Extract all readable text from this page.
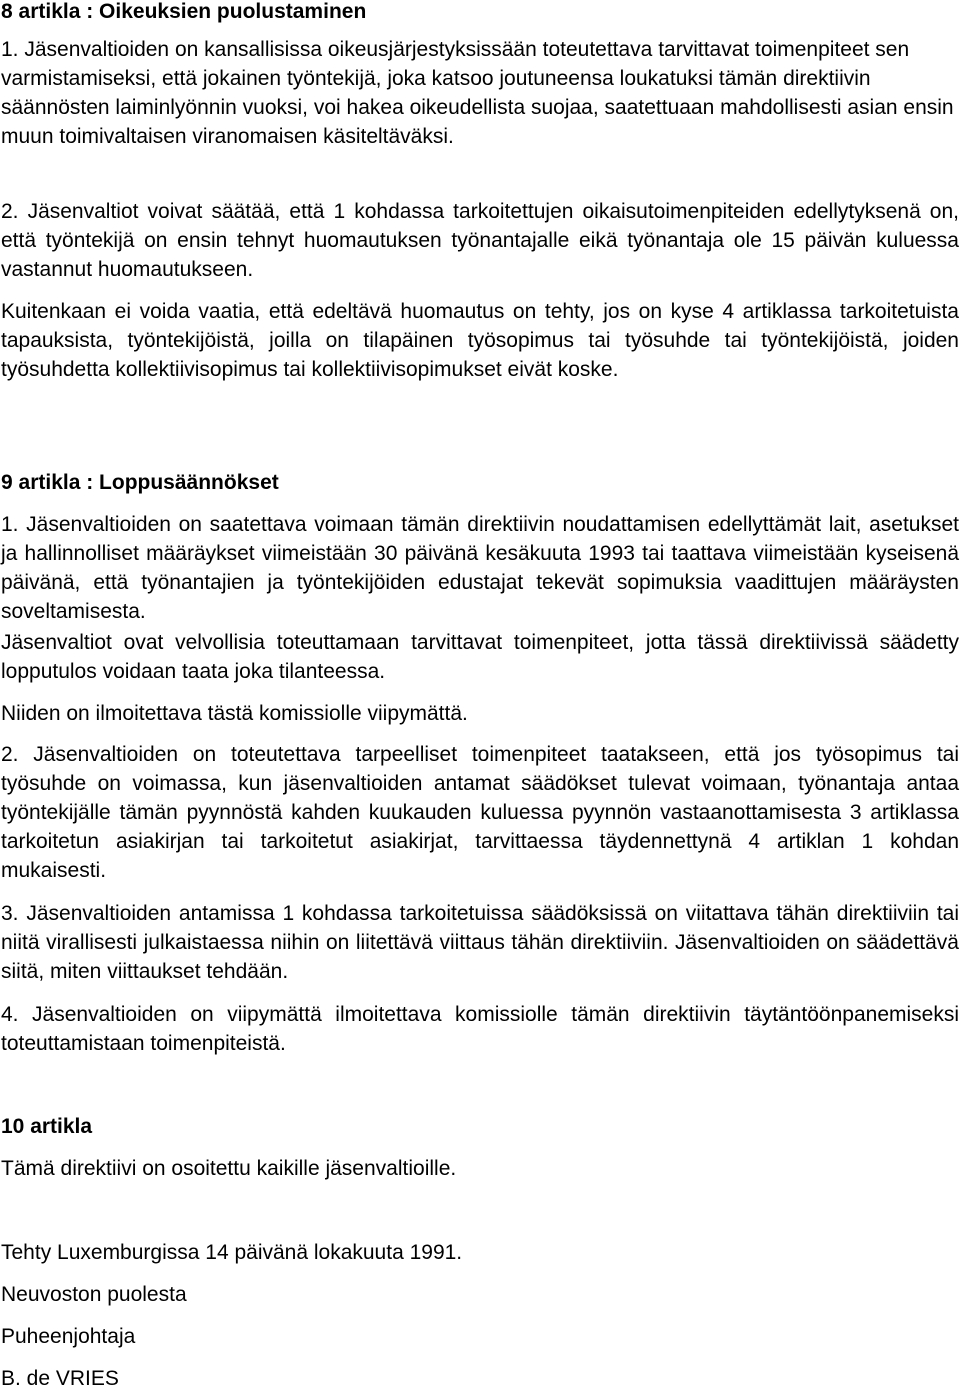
8 artikla : Oikeuksien puolustaminen

1. Jäsenvaltioiden on kansallisissa oikeusjärjestyksissään toteutettava tarvittavat toimenpiteet sen varmistamiseksi, että jokainen työntekijä, joka katsoo joutuneensa loukatuksi tämän direktiivin säännösten laiminlyönnin vuoksi, voi hakea oikeudellista suojaa, saatettuaan mahdollisesti asian ensin muun toimivaltaisen viranomaisen käsiteltäväksi.

2. Jäsenvaltiot voivat säätää, että 1 kohdassa tarkoitettujen oikaisutoimenpiteiden edellytyksenä on, että työntekijä on ensin tehnyt huomautuksen työnantajalle eikä työnantaja ole 15 päivän kuluessa vastannut huomautukseen.

Kuitenkaan ei voida vaatia, että edeltävä huomautus on tehty, jos on kyse 4 artiklassa tarkoitetuista tapauksista, työntekijöistä, joilla on tilapäinen työsopimus tai työsuhde tai työntekijöistä, joiden työsuhdetta kollektiivisopimus tai kollektiivisopimukset eivät koske.

9 artikla : Loppusäännökset

1. Jäsenvaltioiden on saatettava voimaan tämän direktiivin noudattamisen edellyttämät lait, asetukset ja hallinnolliset määräykset viimeistään 30 päivänä kesäkuuta 1993 tai taattava viimeistään kyseisenä päivänä, että työnantajien ja työntekijöiden edustajat tekevät sopimuksia vaadittujen määräysten soveltamisesta.

Jäsenvaltiot ovat velvollisia toteuttamaan tarvittavat toimenpiteet, jotta tässä direktiivissä säädetty lopputulos voidaan taata joka tilanteessa.

Niiden on ilmoitettava tästä komissiolle viipymättä.

2. Jäsenvaltioiden on toteutettava tarpeelliset toimenpiteet taatakseen, että jos työsopimus tai työsuhde on voimassa, kun jäsenvaltioiden antamat säädökset tulevat voimaan, työnantaja antaa työntekijälle tämän pyynnöstä kahden kuukauden kuluessa pyynnön vastaanottamisesta 3 artiklassa tarkoitetun asiakirjan tai tarkoitetut asiakirjat, tarvittaessa täydennettynä 4 artiklan 1 kohdan mukaisesti.

3. Jäsenvaltioiden antamissa 1 kohdassa tarkoitetuissa säädöksissä on viitattava tähän direktiiviin tai niitä virallisesti julkaistaessa niihin on liitettävä viittaus tähän direktiiviin. Jäsenvaltioiden on säädettävä siitä, miten viittaukset tehdään.

4. Jäsenvaltioiden on viipymättä ilmoitettava komissiolle tämän direktiivin täytäntöönpanemiseksi toteuttamistaan toimenpiteistä.

10 artikla
Tämä direktiivi on osoitettu kaikille jäsenvaltioille.
Tehty Luxemburgissa 14 päivänä lokakuuta 1991.
Neuvoston puolesta
Puheenjohtaja
B. de VRIES
